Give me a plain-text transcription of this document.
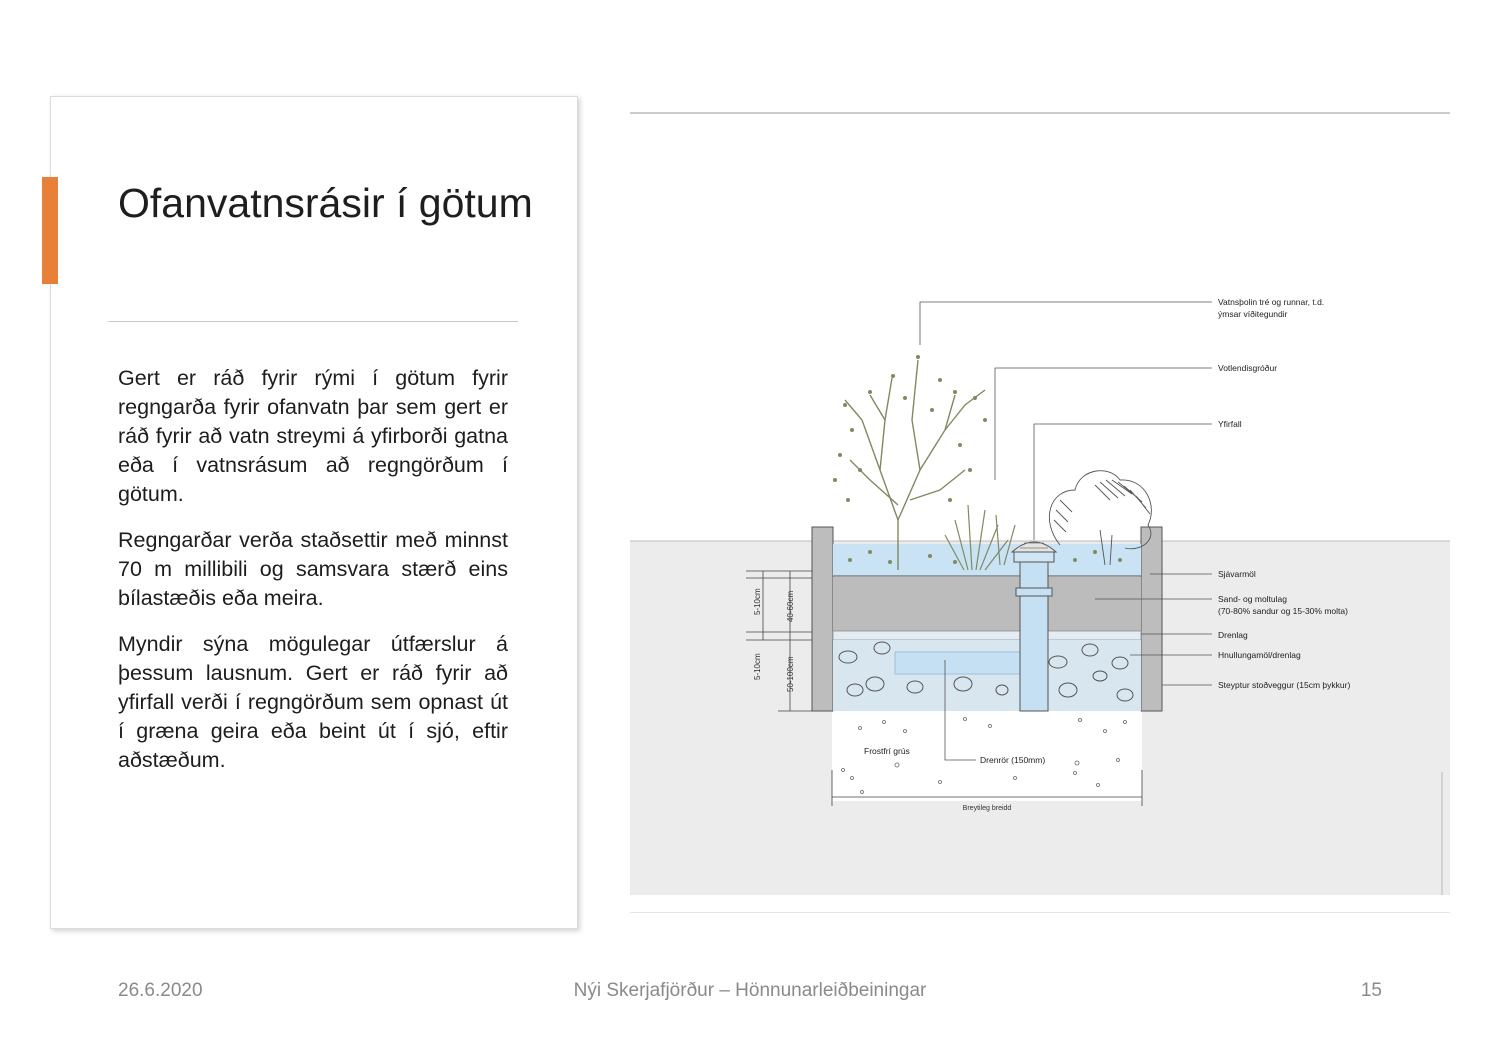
Ofanvatnsrásir í götum

Gert er ráð fyrir rými í götum fyrir regngarða fyrir ofanvatn þar sem gert er ráð fyrir að vatn streymi á yfirborði gatna eða í vatnsrásum að regngörðum í götum.

Regngarðar verða staðsettir með minnst 70 m millibili og samsvara stærð eins bílastæðis eða meira.

Myndir sýna mögulegar útfærslur á þessum lausnum. Gert er ráð fyrir að yfirfall verði í regngörðum sem opnast út í græna geira eða beint út í sjó, eftir aðstæðum.

5-10cm	40-60cm
5-10cm	50-100cm
Breytileg breidd
Vatnsþolin tré og runnar, t.d.
ýmsar víðitegundir
Votlendisgróður
Yfirfall
Sjávarmöl
Sand- og moltulag
(70-80% sandur og 15-30% molta)
Drenlag
Hnullungamöl/drenlag
Steyptur stoðveggur (15cm þykkur)
Frostfrí grús
Drenrör (150mm)
26.6.2020	Nýi Skerjafjörður – Hönnunarleiðbeiningar	15
